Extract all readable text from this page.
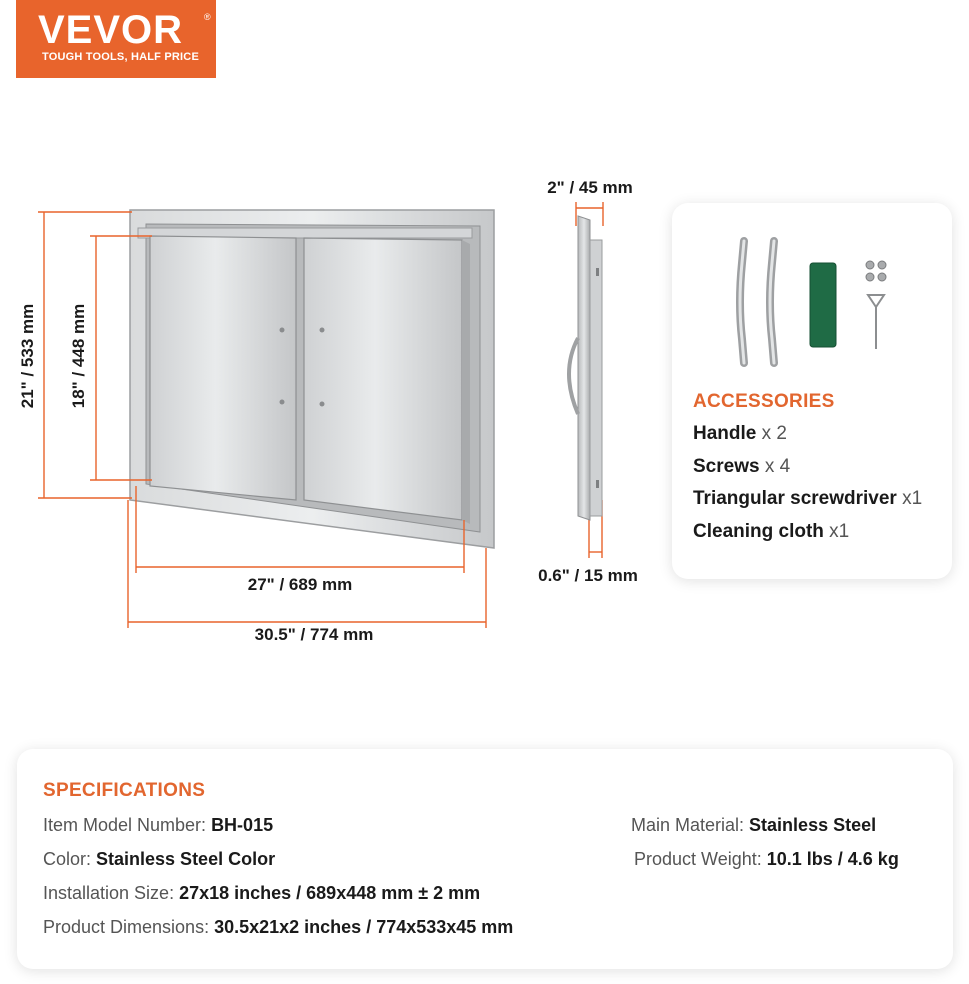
VEVOR ®
TOUGH TOOLS, HALF PRICE
21" / 533 mm 18" / 448 mm
27" / 689 mm
30.5" / 774 mm
2" / 45 mm
0.6" / 15 mm
ACCESSORIES
Handle x 2
Screws x 4
Triangular screwdriver x1
Cleaning cloth x1
SPECIFICATIONS
Item Model Number: BH-015
Color: Stainless Steel Color
Installation Size: 27x18 inches / 689x448 mm ± 2 mm
Product Dimensions: 30.5x21x2 inches / 774x533x45 mm
Main Material: Stainless Steel
Product Weight: 10.1 lbs / 4.6 kg
